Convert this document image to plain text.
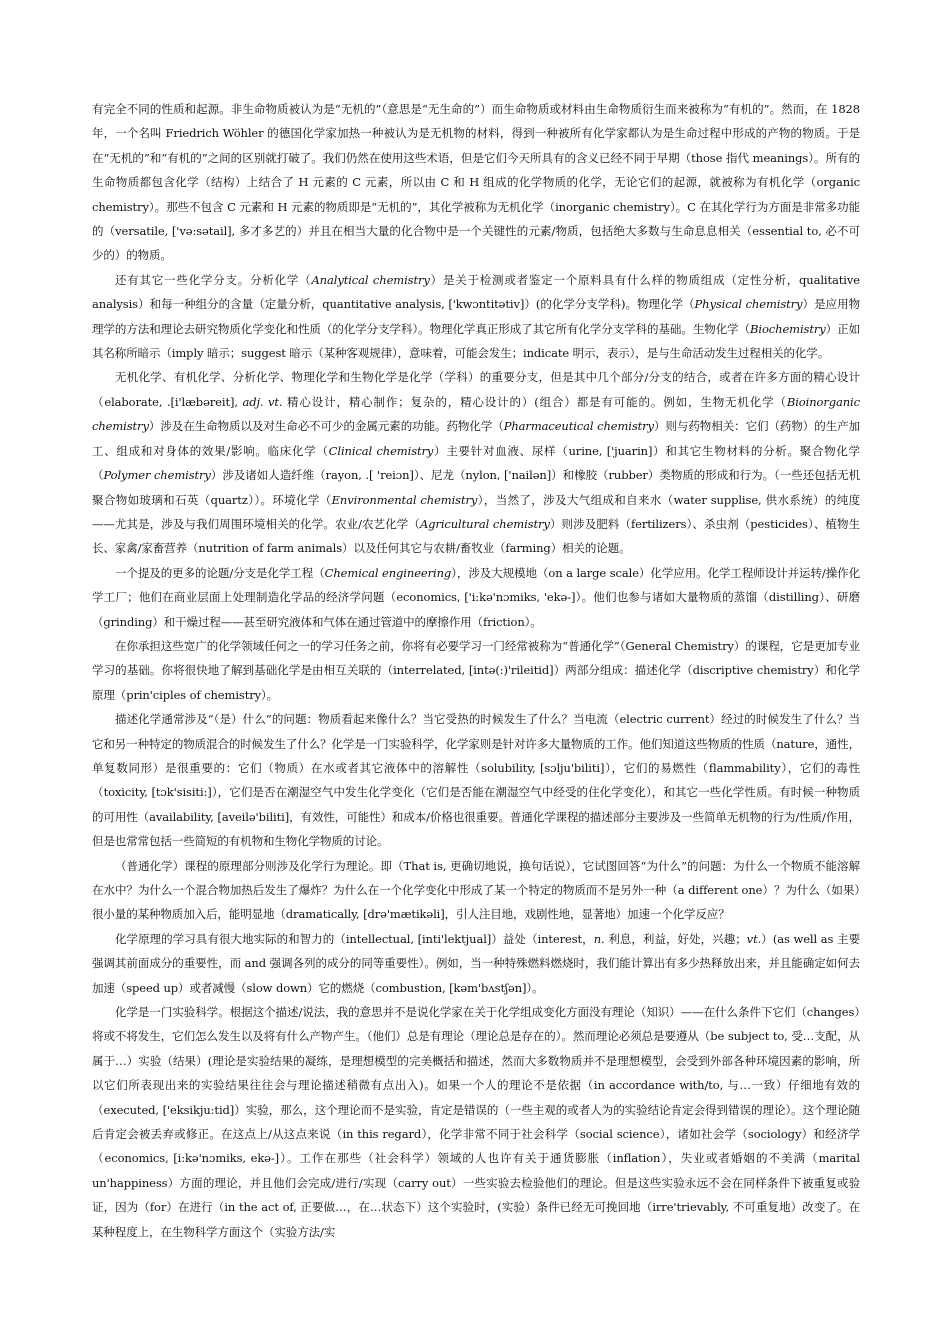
有完全不同的性质和起源。非生命物质被认为是“无机的”（意思是“无生命的”）而生命物质或材料由生命物质衍生而来被称为“有机的”。然而，在 1828 年，一个名叫 Friedrich Wöhler 的德国化学家加热一种被认为是无机物的材料，得到一种被所有化学家都认为是生命过程中形成的产物的物质。于是在“无机的”和“有机的”之间的区别就打破了。我们仍然在使用这些术语，但是它们今天所具有的含义已经不同于早期（those 指代 meanings）。所有的生命物质都包含化学（结构）上结合了 H 元素的 C 元素，所以由 C 和 H 组成的化学物质的化学，无论它们的起源，就被称为有机化学（organic chemistry）。那些不包含 C 元素和 H 元素的物质即是“无机的”，其化学被称为无机化学（inorganic chemistry）。C 在其化学行为方面是非常多功能的（versatile, ['və:sətail], 多才多艺的）并且在相当大量的化合物中是一个关键性的元素/物质，包括绝大多数与生命息息相关（essential to, 必不可少的）的物质。

还有其它一些化学分支。分析化学（Analytical chemistry）是关于检测或者鉴定一个原料具有什么样的物质组成（定性分析，qualitative analysis）和每一种组分的含量（定量分析，quantitative analysis, ['kwɔntitətiv]）(的化学分支学科)。物理化学（Physical chemistry）是应用物理学的方法和理论去研究物质化学变化和性质（的化学分支学科）。物理化学真正形成了其它所有化学分支学科的基础。生物化学（Biochemistry）正如其名称所暗示（imply 暗示；suggest 暗示（某种客观规律），意味着，可能会发生；indicate 明示，表示），是与生命活动发生过程相关的化学。

无机化学、有机化学、分析化学、物理化学和生物化学是化学（学科）的重要分支，但是其中几个部分/分支的结合，或者在许多方面的精心设计（elaborate, .[i'læbəreit], adj. vt. 精心设计，精心制作；复杂的，精心设计的）(组合）都是有可能的。例如，生物无机化学（Bioinorganic chemistry）涉及在生命物质以及对生命必不可少的金属元素的功能。药物化学（Pharmaceutical chemistry）则与药物相关：它们（药物）的生产加工、组成和对身体的效果/影响。临床化学（Clinical chemistry）主要针对血液、尿样（urine, ['juarin]）和其它生物材料的分析。聚合物化学（Polymer chemistry）涉及诸如人造纤维（rayon, .[ 'reiɔn]）、尼龙（nylon, ['nailən]）和橡胶（rubber）类物质的形成和行为。（一些还包括无机聚合物如玻璃和石英（quartz））。环境化学（Environmental chemistry），当然了，涉及大气组成和自来水（water supplise, 供水系统）的纯度——尤其是，涉及与我们周围环境相关的化学。农业/农艺化学（Agricultural chemistry）则涉及肥料（fertilizers）、杀虫剂（pesticides）、植物生长、家禽/家畜营养（nutrition of farm animals）以及任何其它与农耕/畜牧业（farming）相关的论题。

一个提及的更多的论题/分支是化学工程（Chemical engineering），涉及大规模地（on a large scale）化学应用。化学工程师设计并运转/操作化学工厂；他们在商业层面上处理制造化学品的经济学问题（economics, ['i:kə'nɔmiks, 'ekə-]）。他们也参与诸如大量物质的蒸馏（distilling）、研磨（grinding）和干燥过程——甚至研究液体和气体在通过管道中的摩擦作用（friction）。

在你承担这些宽广的化学领域任何之一的学习任务之前，你将有必要学习一门经常被称为“普通化学”（General Chemistry）的课程，它是更加专业学习的基础。你将很快地了解到基础化学是由相互关联的（interrelated, [intə(:)'rileitid]）两部分组成：描述化学（discriptive chemistry）和化学原理（prin'ciples of chemistry）。

描述化学通常涉及“（是）什么”的问题：物质看起来像什么？当它受热的时候发生了什么？当电流（electric current）经过的时候发生了什么？当它和另一种特定的物质混合的时候发生了什么？化学是一门实验科学，化学家则是针对许多大量物质的工作。他们知道这些物质的性质（nature，通性，单复数同形）是很重要的：它们（物质）在水或者其它液体中的溶解性（solubility, [sɔlju'biliti]），它们的易燃性（flammability），它们的毒性（toxicity, [tɔk'sisiti:]），它们是否在潮湿空气中发生化学变化（它们是否能在潮湿空气中经受的住化学变化），和其它一些化学性质。有时候一种物质的可用性（availability, [aveilə'biliti]，有效性，可能性）和成本/价格也很重要。普通化学课程的描述部分主要涉及一些简单无机物的行为/性质/作用，但是也常常包括一些简短的有机物和生物化学物质的讨论。

（普通化学）课程的原理部分则涉及化学行为理论。即（That is, 更确切地说，换句话说），它试图回答“为什么”的问题：为什么一个物质不能溶解在水中？为什么一个混合物加热后发生了爆炸？为什么在一个化学变化中形成了某一个特定的物质而不是另外一种（a different one）？为什么（如果）很小量的某种物质加入后，能明显地（dramatically, [drə'mætikəli]，引人注目地，戏剧性地，显著地）加速一个化学反应？

化学原理的学习具有很大地实际的和智力的（intellectual, [inti'lektjual]）益处（interest，n. 利息，利益，好处，兴趣；vt.）(as well as 主要强调其前面成分的重要性，而 and 强调各列的成分的同等重要性）。例如，当一种特殊燃料燃烧时，我们能计算出有多少热释放出来，并且能确定如何去加速（speed up）或者减慢（slow down）它的燃烧（combustion, [kəm'bʌstʃən]）。

化学是一门实验科学。根据这个描述/说法，我的意思并不是说化学家在关于化学组成变化方面没有理论（知识）——在什么条件下它们（changes）将或不将发生，它们怎么发生以及将有什么产物产生。（他们）总是有理论（理论总是存在的）。然而理论必须总是要遵从（be subject to, 受…支配，从属于…）实验（结果）(理论是实验结果的凝练，是理想模型的完美概括和描述，然而大多数物质并不是理想模型，会受到外部各种环境因素的影响，所以它们所表现出来的实验结果往往会与理论描述稍微有点出入)。如果一个人的理论不是依据（in accordance with/to, 与…一致）仔细地有效的（executed, ['eksikju:tid]）实验，那么，这个理论而不是实验，肯定是错误的（一些主观的或者人为的实验结论肯定会得到错误的理论）。这个理论随后肯定会被丢弃或修正。在这点上/从这点来说（in this regard），化学非常不同于社会科学（social science），诸如社会学（sociology）和经济学（economics, [i:kə'nɔmiks, ekə-]）。工作在那些（社会科学）领域的人也许有关于通货膨胀（inflation），失业或者婚姻的不美满（marital un'happiness）方面的理论，并且他们会完成/进行/实现（carry out）一些实验去检验他们的理论。但是这些实验永远不会在同样条件下被重复或验证，因为（for）在进行（in the act of, 正要做…，在…状态下）这个实验时，(实验）条件已经无可挽回地（irre'trievably, 不可重复地）改变了。在某种程度上，在生物科学方面这个（实验方法/实
